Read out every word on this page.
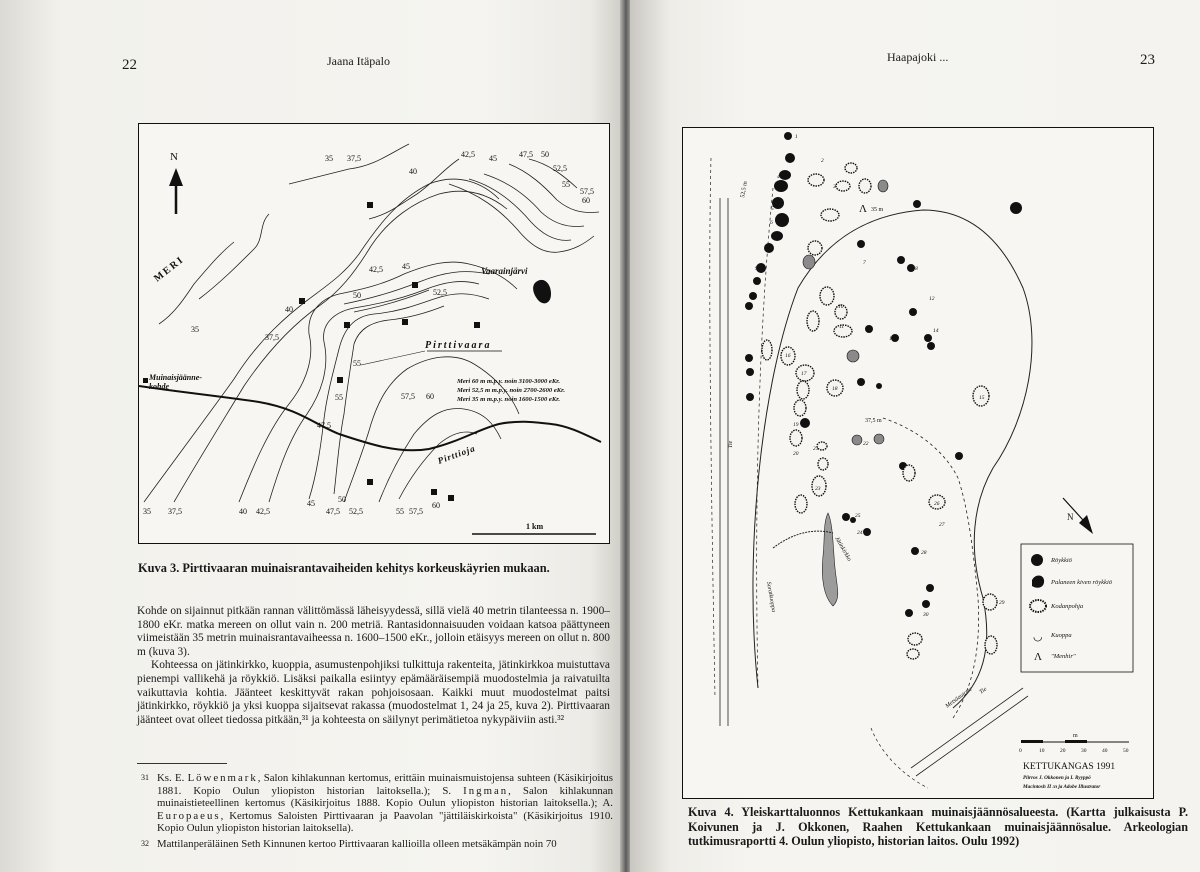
22	Jaana Itäpalo
N	35 37,5
40
42,5 45	47,5 50
52,5
55
57,5
60
35
37,5
40
42,5 45
52,5
50
55
57,5 60
55
47,5
35 37,5	40 42,5
45
47,5
50
52,5	55 57,5
60
MERI
Pirttivaara
Vaarainjärvi
Pirttioja
Muinaisjäänne-kohde
Meri 60 m m.p.y. noin 3100-3000 eKr.
Meri 52,5 m m.p.y. noin 2700-2600 eKr.
Meri 35 m m.p.y. noin 1600-1500 eKr.
1 km
Kuva 3. Pirttivaaran muinaisrantavaiheiden kehitys korkeuskäyrien mukaan.

Kohde on sijainnut pitkään rannan välittömässä läheisyydessä, sillä vielä 40 metrin tilanteessa n. 1900–1800 eKr. matka mereen on ollut vain n. 200 metriä. Rantasidonnaisuuden voidaan katsoa päättyneen viimeistään 35 metrin muinaisrantavaiheessa n. 1600–1500 eKr., jolloin etäisyys mereen on ollut n. 800 m (kuva 3).

Kohteessa on jätinkirkko, kuoppia, asumustenpohjiksi tulkittuja rakenteita, jätinkirkkoa muistuttava pienempi vallikehä ja röykkiö. Lisäksi paikalla esiintyy epämääräisempiä muodostelmia ja raivatuilta vaikuttavia kohtia. Jäänteet keskittyvät rakan pohjoisosaan. Kaikki muut muodostelmat paitsi jätinkirkko, röykkiö ja yksi kuoppa sijaitsevat rakassa (muodostelmat 1, 24 ja 25, kuva 2). Pirttivaaran jäänteet ovat olleet tiedossa pitkään,³¹ ja kohteesta on säilynyt perimätietoa nykypäiviin asti.³²

31 Ks. E. Löwenmark, Salon kihlakunnan kertomus, erittäin muinaismuistojensa suhteen (Käsikirjoitus 1881. Kopio Oulun yliopiston historian laitoksella.); S. Ingman, Salon kihlakunnan muinaistieteellinen kertomus (Käsikirjoitus 1888. Kopio Oulun yliopiston historian laitoksella.); A. Europaeus, Kertomus Saloisten Pirttivaaran ja Paavolan "jättiläiskirkoista" (Käsikirjoitus 1910. Kopio Oulun yliopiston historian laitoksella).
32 Mattilanperäläinen Seth Kinnunen kertoo Pirttivaaran kallioilla olleen metsäkämpän noin 70
Haapajoki ...	23
Λ 35 m
37,5 m
52,5 m
Jätinkirkko
Soratkuoppa
Metsäautotie
Tie
Tie
1
2
3
4
5
6
7
8
9
10
11
12
13
14
15
16
17
18
19
20
21
22
23
24
25
26
27
28
29
30
N
Röykkiö
Palaneen kiven röykkiö
Kodanpohja
◡ Kuoppa
Λ "Menhir"
0	10	20	30	40	50
m
KETTUKANGAS 1991
Piirros J. Okkonen ja I. Ryyppö
Macintosh II :n ja Adobe Illustrator
Kuva 4. Yleiskarttaluonnos Kettukankaan muinaisjäännösalueesta. (Kartta julkaisusta P. Koivunen ja J. Okkonen, Raahen Kettukankaan muinaisjäännösalue. Arkeologian tutkimusraportti 4. Oulun yliopisto, historian laitos. Oulu 1992)
